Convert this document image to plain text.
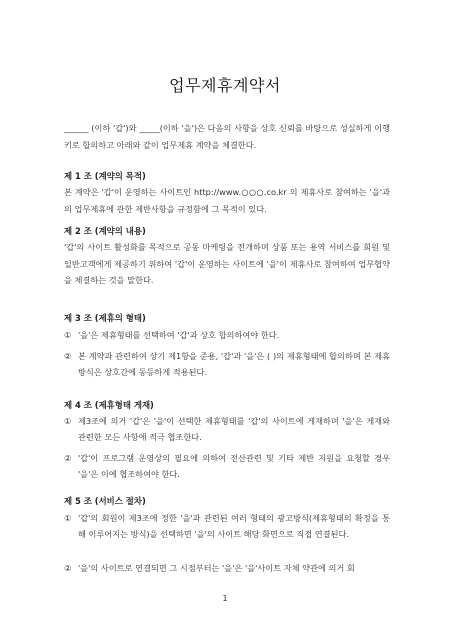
업무제휴계약서

______ (이하 '갑')와 _____(이하 '을')은 다음의 사항을 상호 신뢰를 바탕으로 성실하게 이행키로 합의하고 아래와 같이 업무제휴 계약을 체결한다.

제 1 조 (계약의 목적)

본 계약은 '갑'이 운영하는 사이트인 http://www.○○○.co.kr 의 제휴사로 참여하는 '을'과의 업무제휴에 관한 제반사항을 규정함에 그 목적이 있다.

제 2 조 (계약의 내용)

'갑'의 사이트 활성화를 목적으로 공동 마케팅을 전개하며 상품 또는 용역 서비스를 회원 및 일반고객에게 제공하기 위하여 '갑'이 운영하는 사이트에 '을'이 제휴사로 참여하여 업무협약을 체결하는 것을 말한다.

제 3 조 (제휴의 형태)

① '을'은 제휴형태를 선택하여 '갑'과 상호 합의하여야 한다.
② 본 계약과 관련하여 상기 제1항을 준용, '갑'과 '을'은 ( )의 제휴형태에 합의하며 본 제휴방식은 상호간에 동등하게 적용된다.

제 4 조 (제휴형태 게재)

① 제3조에 의거 '갑'은 '을'이 선택한 제휴형태를 '갑'의 사이트에 게재하며 '을'은 게재와 관련한 모든 사항에 적극 협조한다.
② '갑'이 프로그램 운영상의 필요에 의하여 전산관련 및 기타 제반 지원을 요청할 경우 '을'은 이에 협조하여야 한다.

제 5 조 (서비스 절차)

① '갑'의 회원이 제3조에 정한 '을'과 관련된 여러 형태의 광고방식(제휴형태의 확정을 통해 이루어지는 방식)을 선택하면 '을'의 사이트 해당 화면으로 직접 연결된다.
② '을'의 사이트로 연결되면 그 시점부터는 '을'은 '을'사이트 자체 약관에 의거 회
1
